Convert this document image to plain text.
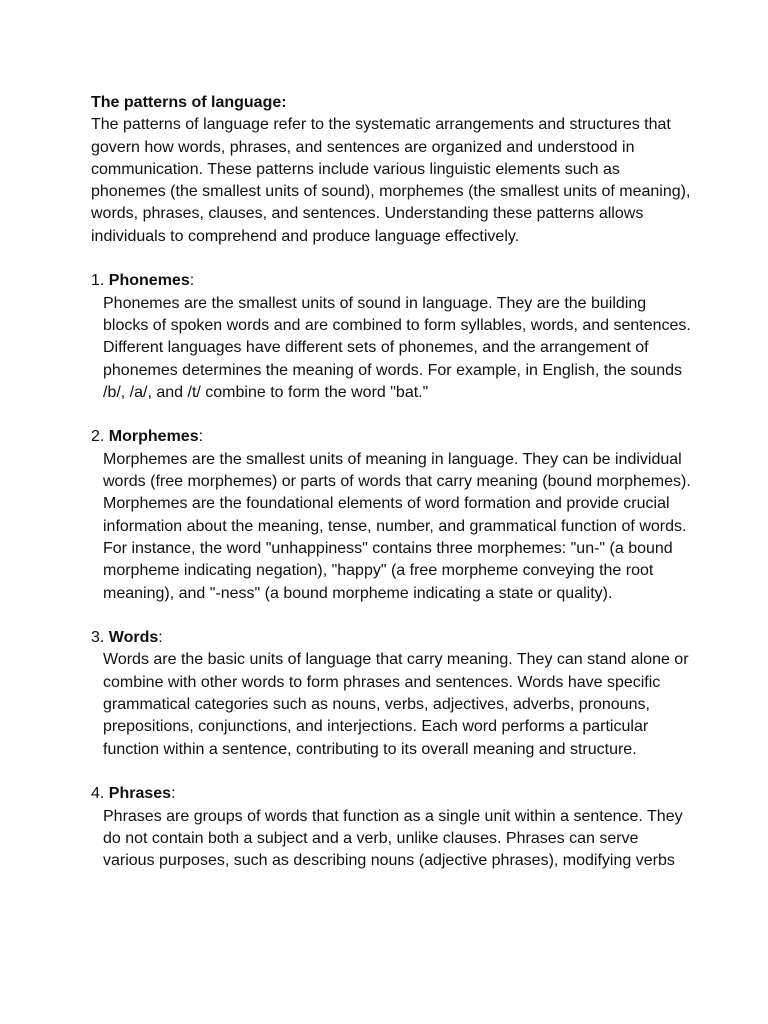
The patterns of language:

The patterns of language refer to the systematic arrangements and structures that govern how words, phrases, and sentences are organized and understood in communication. These patterns include various linguistic elements such as phonemes (the smallest units of sound), morphemes (the smallest units of meaning), words, phrases, clauses, and sentences. Understanding these patterns allows individuals to comprehend and produce language effectively.

1. Phonemes:

Phonemes are the smallest units of sound in language. They are the building blocks of spoken words and are combined to form syllables, words, and sentences. Different languages have different sets of phonemes, and the arrangement of phonemes determines the meaning of words. For example, in English, the sounds /b/, /a/, and /t/ combine to form the word "bat."

2. Morphemes:

Morphemes are the smallest units of meaning in language. They can be individual words (free morphemes) or parts of words that carry meaning (bound morphemes). Morphemes are the foundational elements of word formation and provide crucial information about the meaning, tense, number, and grammatical function of words. For instance, the word "unhappiness" contains three morphemes: "un-" (a bound morpheme indicating negation), "happy" (a free morpheme conveying the root meaning), and "-ness" (a bound morpheme indicating a state or quality).

3. Words:

Words are the basic units of language that carry meaning. They can stand alone or combine with other words to form phrases and sentences. Words have specific grammatical categories such as nouns, verbs, adjectives, adverbs, pronouns, prepositions, conjunctions, and interjections. Each word performs a particular function within a sentence, contributing to its overall meaning and structure.

4. Phrases:

Phrases are groups of words that function as a single unit within a sentence. They do not contain both a subject and a verb, unlike clauses. Phrases can serve various purposes, such as describing nouns (adjective phrases), modifying verbs
